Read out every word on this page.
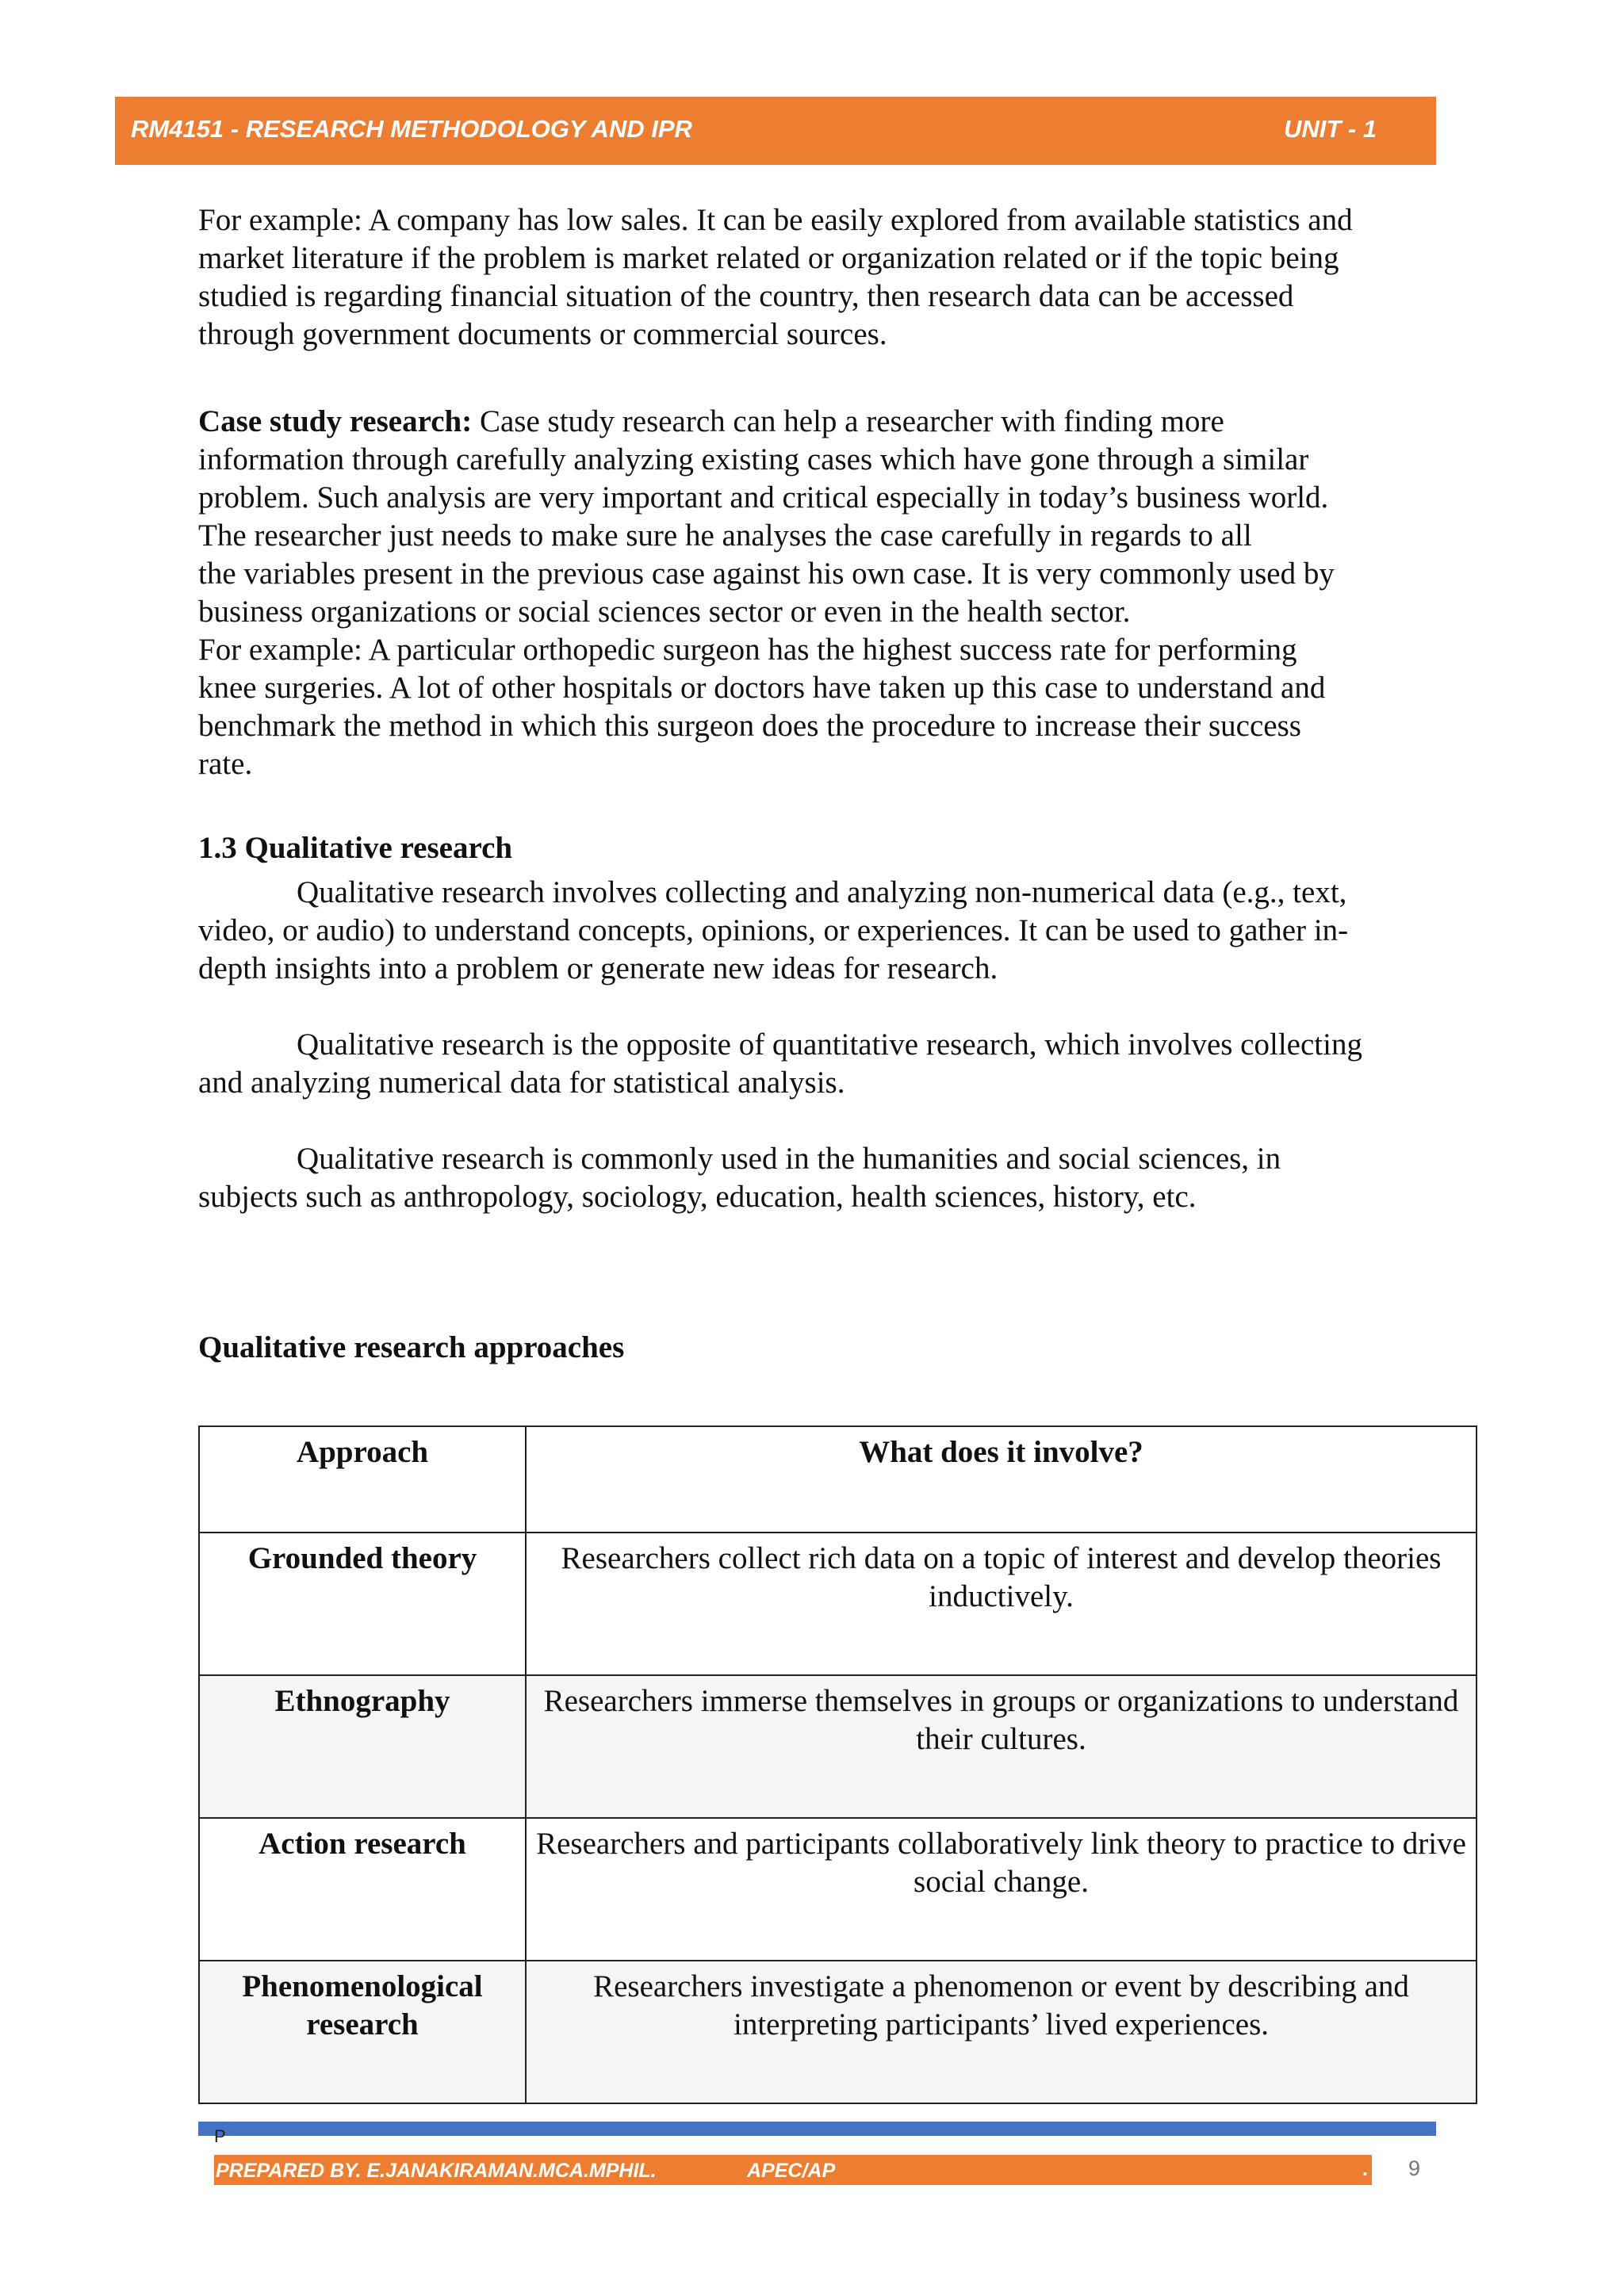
RM4151 - RESEARCH METHODOLOGY AND IPR	UNIT - 1
For example: A company has low sales. It can be easily explored from available statistics and
market literature if the problem is market related or organization related or if the topic being
studied is regarding financial situation of the country, then research data can be accessed
through government documents or commercial sources.
Case study research: Case study research can help a researcher with finding more
information through carefully analyzing existing cases which have gone through a similar
problem. Such analysis are very important and critical especially in today’s business world.
The researcher just needs to make sure he analyses the case carefully in regards to all
the variables present in the previous case against his own case. It is very commonly used by
business organizations or social sciences sector or even in the health sector.
For example: A particular orthopedic surgeon has the highest success rate for performing
knee surgeries. A lot of other hospitals or doctors have taken up this case to understand and
benchmark the method in which this surgeon does the procedure to increase their success
rate.
1.3 Qualitative research
Qualitative research involves collecting and analyzing non-numerical data (e.g., text,
video, or audio) to understand concepts, opinions, or experiences. It can be used to gather in-
depth insights into a problem or generate new ideas for research.
Qualitative research is the opposite of quantitative research, which involves collecting
and analyzing numerical data for statistical analysis.
Qualitative research is commonly used in the humanities and social sciences, in
subjects such as anthropology, sociology, education, health sciences, history, etc.
Qualitative research approaches
Approach	What does it involve?
Grounded theory	Researchers collect rich data on a topic of interest and develop theories inductively.
Ethnography	Researchers immerse themselves in groups or organizations to understand their cultures.
Action research	Researchers and participants collaboratively link theory to practice to drive social change.
Phenomenological research	Researchers investigate a phenomenon or event by describing and interpreting participants’ lived experiences.
P
PREPARED BY. E.JANAKIRAMAN.MCA.MPHIL.	APEC/AP	. 9
